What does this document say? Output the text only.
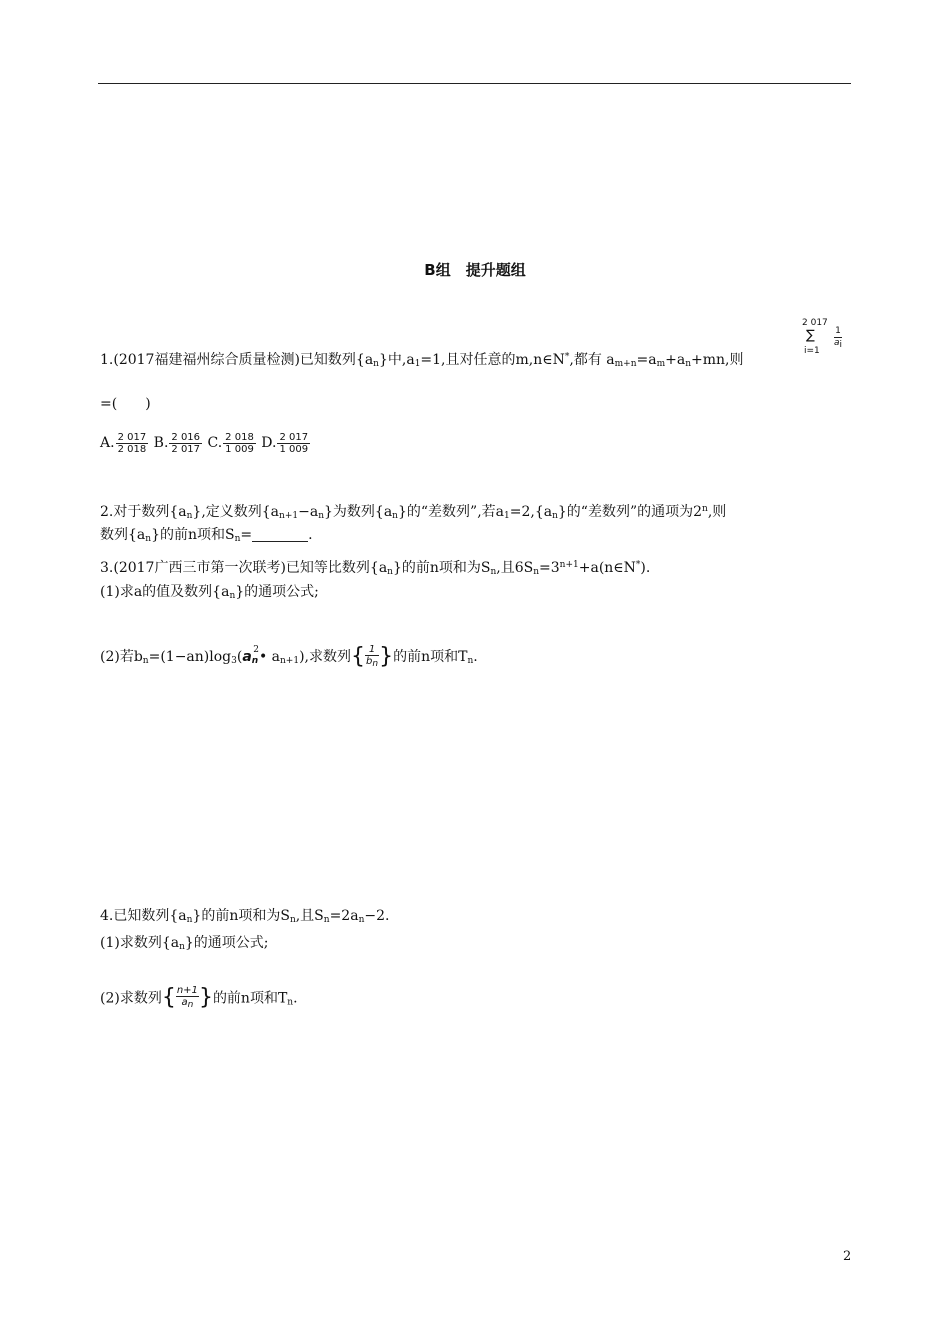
B组　提升题组
2 017
∑
$i=1 \frac{1}{ai}$
1.(2017福建福州综合质量检测)已知数列$\{a_n\}$中$,a_1=1$,且对任意的m,n∈N*,都有 $a_{m+n}=a_m+a_n+mn$,则
=(　　)
A. $\frac{2 017}{2 018} B$. $\frac{2 016}{2 017} C$. $\frac{2 018}{1 009} D$. $\frac{2 017}{1 009}$
2.对于数列$\{a_n\}$,定义数列$\{a_{n+1}-a_n\}$为数列$\{a_n\}$的“差数列”,若$a_1=2,\{a_n\}$的“差数列”的通项为2$^n$,则
数列$\{a_n\}$的前n项和$S_n=$	.
3.(2017广西三市第一次联考)已知等比数列$\{a_n\}$的前n项和为$S_n$,且$6S_n=3^{n+1}+a(n\in N^*)$.
(1)求a的值及数列$\{a_n\}$的通项公式;
(2)若$b_n=(1-an)\log_3(a_n^2•$ $a_{n+1}$),求数列{ $\frac{1}{bn}$ }的前n项和$T_n$.
4.已知数列$\{a_n\}$的前n项和为$S_n$,且$S_n=2a_n-2$.
(1)求数列$\{a_n\}$的通项公式;
(2)求数列{ $\frac{n+1}{an}$ }的前n项和$T_n$.
2
